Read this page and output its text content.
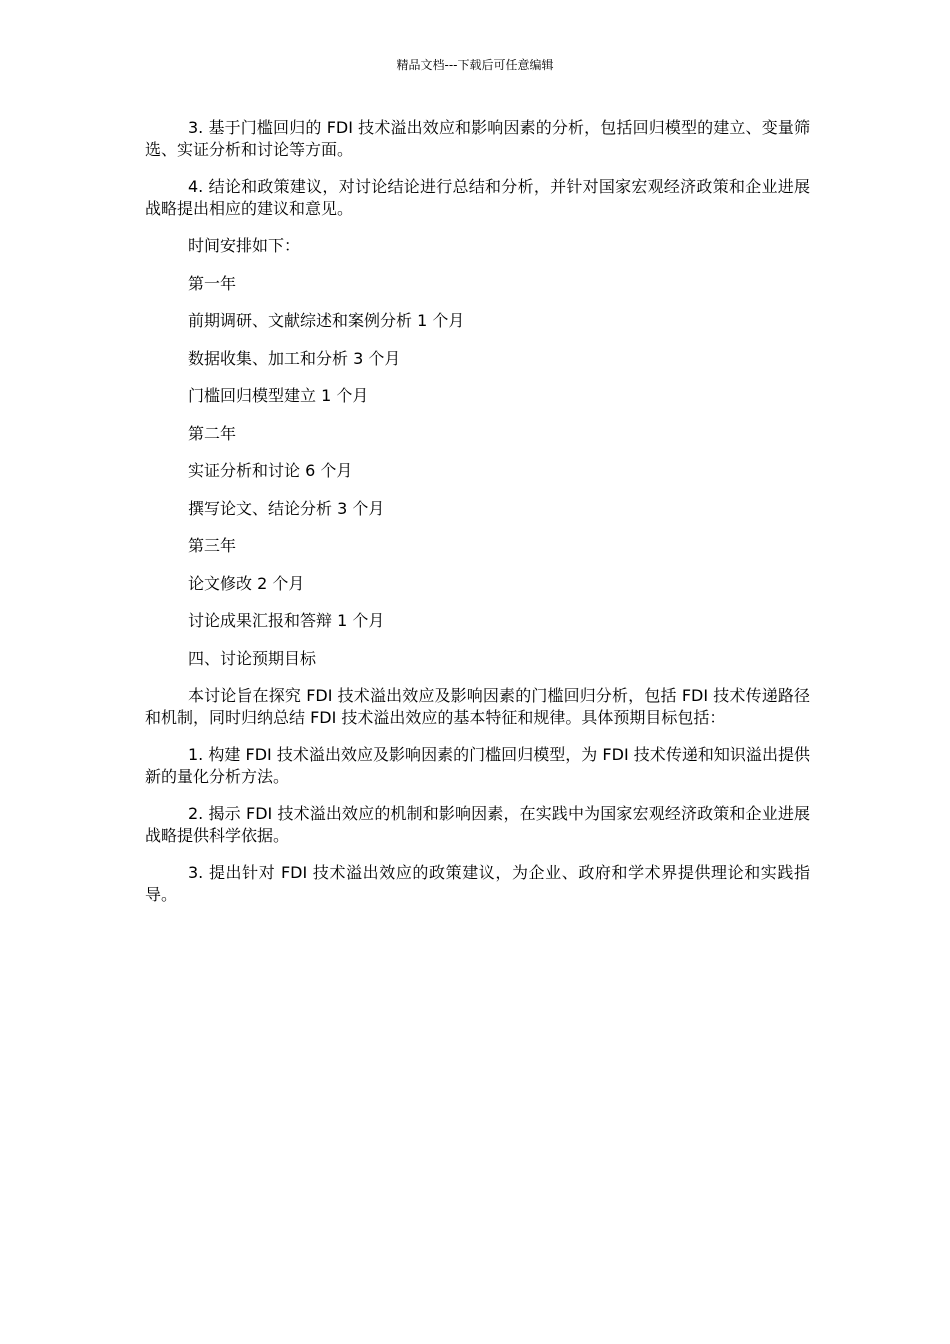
精品文档---下载后可任意编辑

3. 基于门槛回归的 FDI 技术溢出效应和影响因素的分析，包括回归模型的建立、变量筛选、实证分析和讨论等方面。

4. 结论和政策建议，对讨论结论进行总结和分析，并针对国家宏观经济政策和企业进展战略提出相应的建议和意见。

时间安排如下：

第一年

前期调研、文献综述和案例分析 1 个月

数据收集、加工和分析 3 个月

门槛回归模型建立 1 个月

第二年

实证分析和讨论 6 个月

撰写论文、结论分析 3 个月

第三年

论文修改 2 个月

讨论成果汇报和答辩 1 个月

四、讨论预期目标

本讨论旨在探究 FDI 技术溢出效应及影响因素的门槛回归分析，包括 FDI 技术传递路径和机制，同时归纳总结 FDI 技术溢出效应的基本特征和规律。具体预期目标包括：

1. 构建 FDI 技术溢出效应及影响因素的门槛回归模型，为 FDI 技术传递和知识溢出提供新的量化分析方法。

2. 揭示 FDI 技术溢出效应的机制和影响因素，在实践中为国家宏观经济政策和企业进展战略提供科学依据。

3. 提出针对 FDI 技术溢出效应的政策建议，为企业、政府和学术界提供理论和实践指导。
